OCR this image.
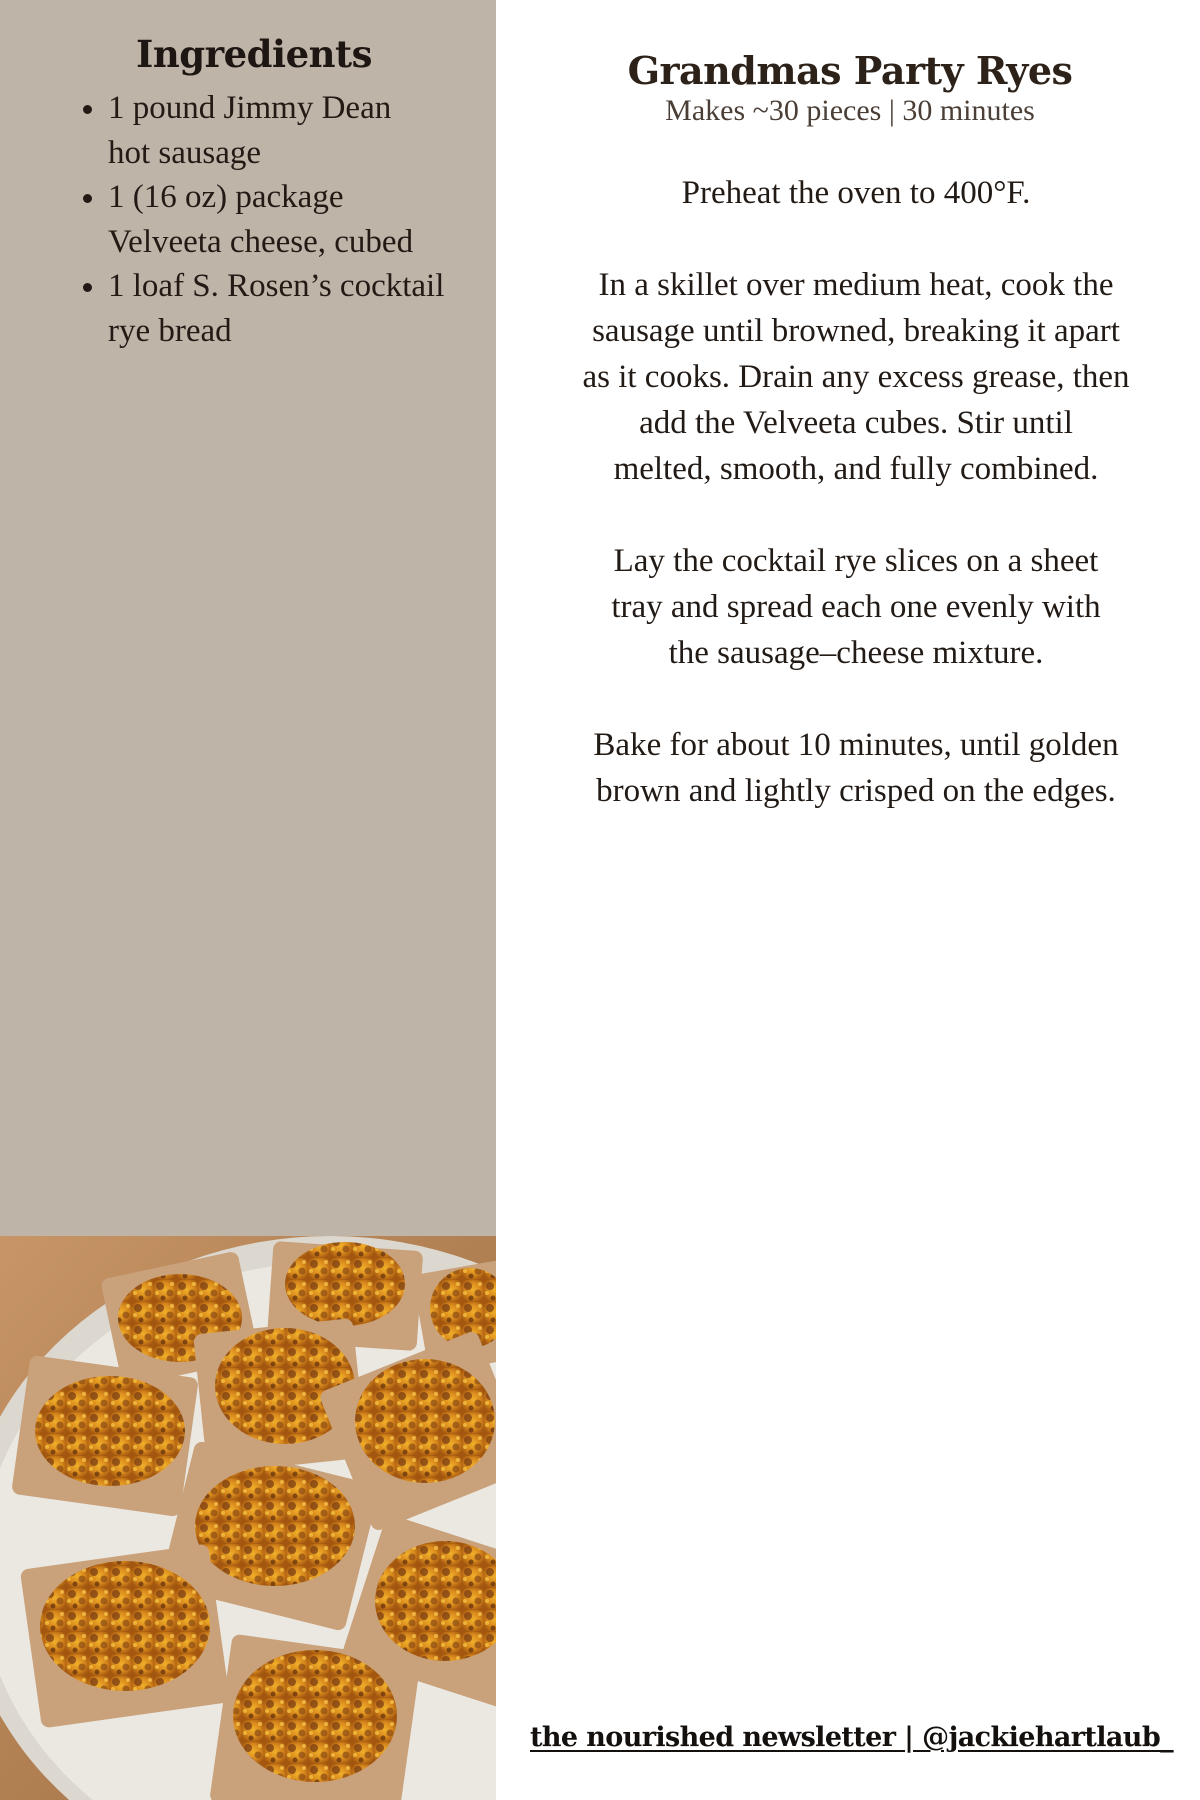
Ingredients
• 1 pound Jimmy Dean
hot sausage
• 1 (16 oz) package
Velveeta cheese, cubed
• 1 loaf S. Rosen’s cocktail
rye bread
Grandmas Party Ryes
Makes ~30 pieces | 30 minutes

Preheat the oven to 400°F.

In a skillet over medium heat, cook the
sausage until browned, breaking it apart
as it cooks. Drain any excess grease, then
add the Velveeta cubes. Stir until
melted, smooth, and fully combined.

Lay the cocktail rye slices on a sheet
tray and spread each one evenly with
the sausage–cheese mixture.

Bake for about 10 minutes, until golden
brown and lightly crisped on the edges.

the nourished newsletter | @jackiehartlaub_
